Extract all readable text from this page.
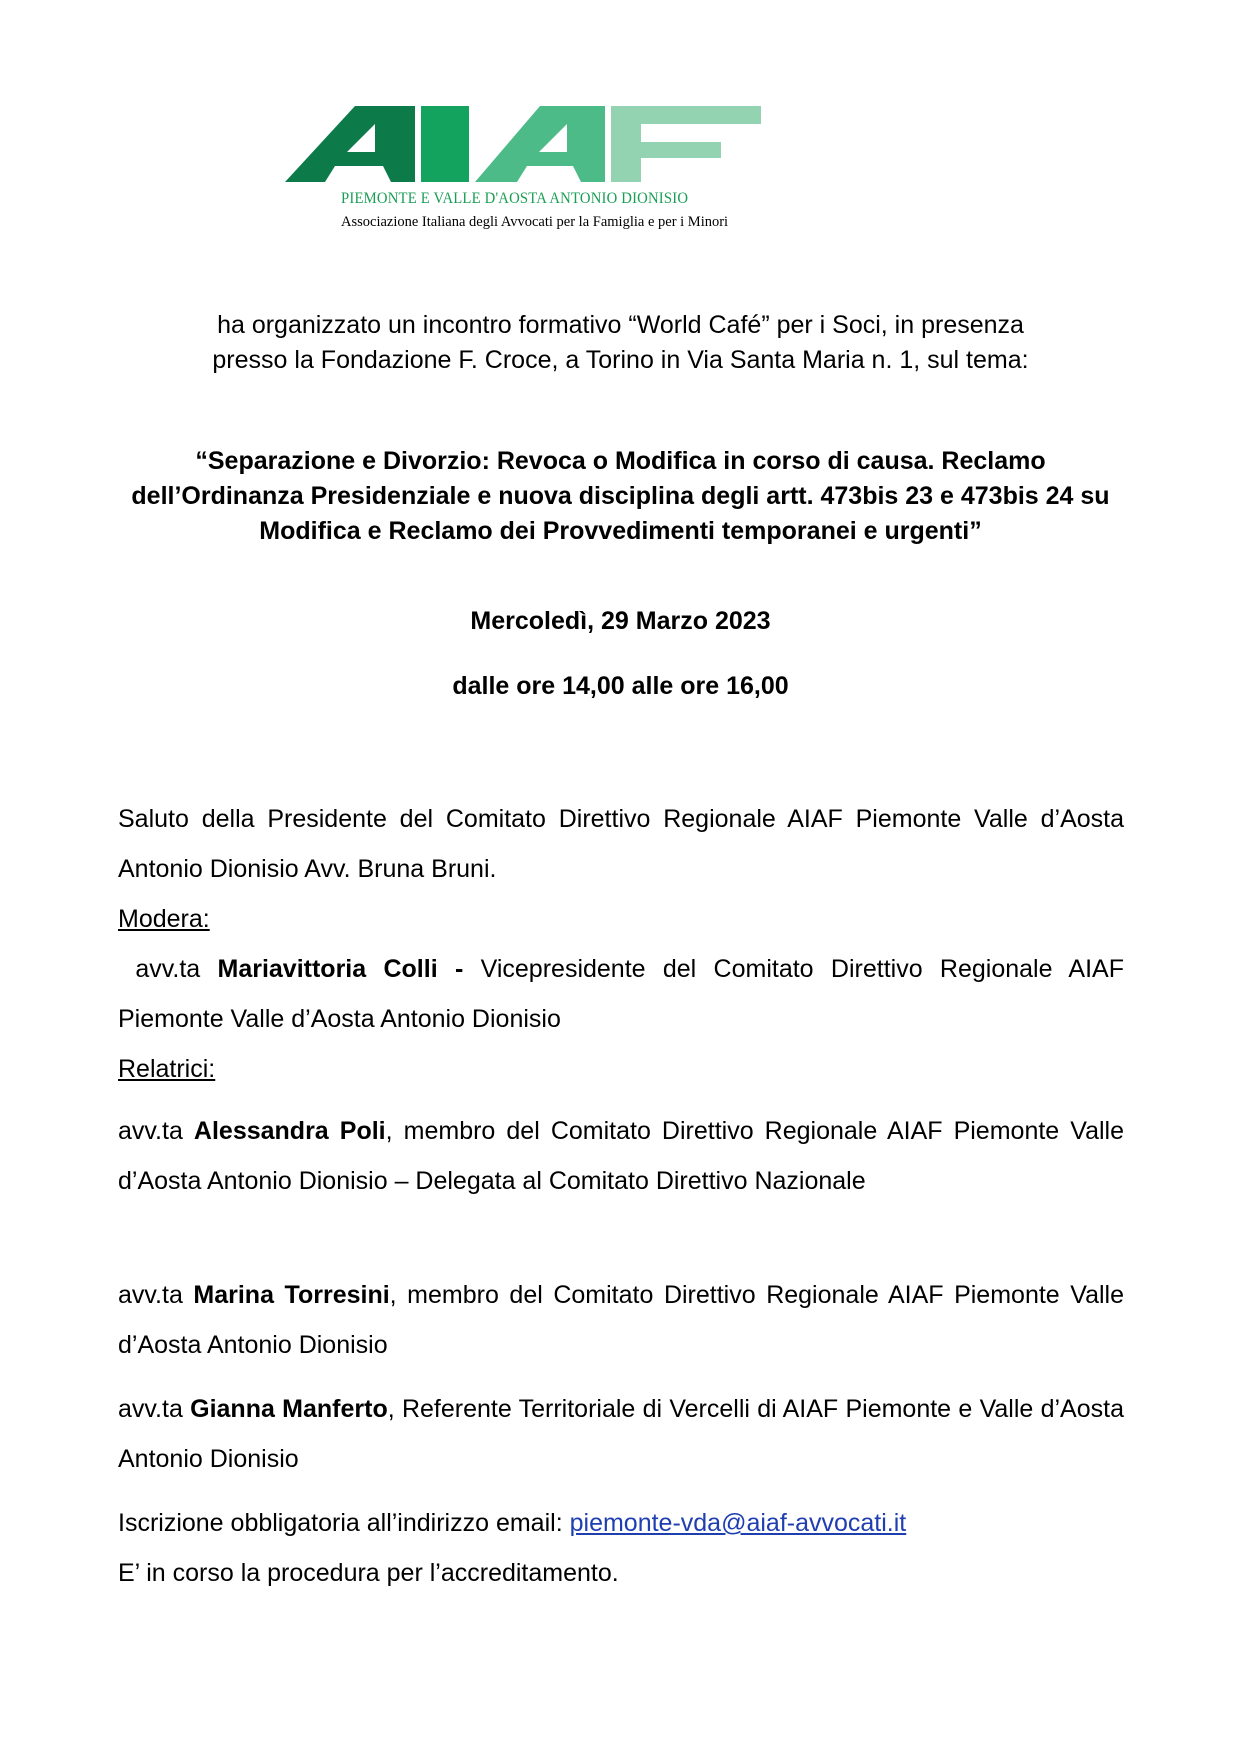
PIEMONTE E VALLE D'AOSTA ANTONIO DIONISIO
Associazione Italiana degli Avvocati per la Famiglia e per i Minori
ha organizzato un incontro formativo “World Café” per i Soci, in presenza
presso la Fondazione F. Croce, a Torino in Via Santa Maria n. 1, sul tema:
“Separazione e Divorzio: Revoca o Modifica in corso di causa. Reclamo dell’Ordinanza Presidenziale e nuova disciplina degli artt. 473bis 23 e 473bis 24 su Modifica e Reclamo dei Provvedimenti temporanei e urgenti”
Mercoledì, 29 Marzo 2023
dalle ore 14,00 alle ore 16,00

Saluto della Presidente del Comitato Direttivo Regionale AIAF Piemonte Valle d’Aosta Antonio Dionisio Avv. Bruna Bruni.

Modera:

avv.ta Mariavittoria Colli - Vicepresidente del Comitato Direttivo Regionale AIAF Piemonte Valle d’Aosta Antonio Dionisio

Relatrici:

avv.ta Alessandra Poli, membro del Comitato Direttivo Regionale AIAF Piemonte Valle d’Aosta Antonio Dionisio – Delegata al Comitato Direttivo Nazionale

avv.ta Marina Torresini, membro del Comitato Direttivo Regionale AIAF Piemonte Valle d’Aosta Antonio Dionisio

avv.ta Gianna Manferto, Referente Territoriale di Vercelli di AIAF Piemonte e Valle d’Aosta Antonio Dionisio

Iscrizione obbligatoria all’indirizzo email: piemonte-vda@aiaf-avvocati.it

E’ in corso la procedura per l’accreditamento.
